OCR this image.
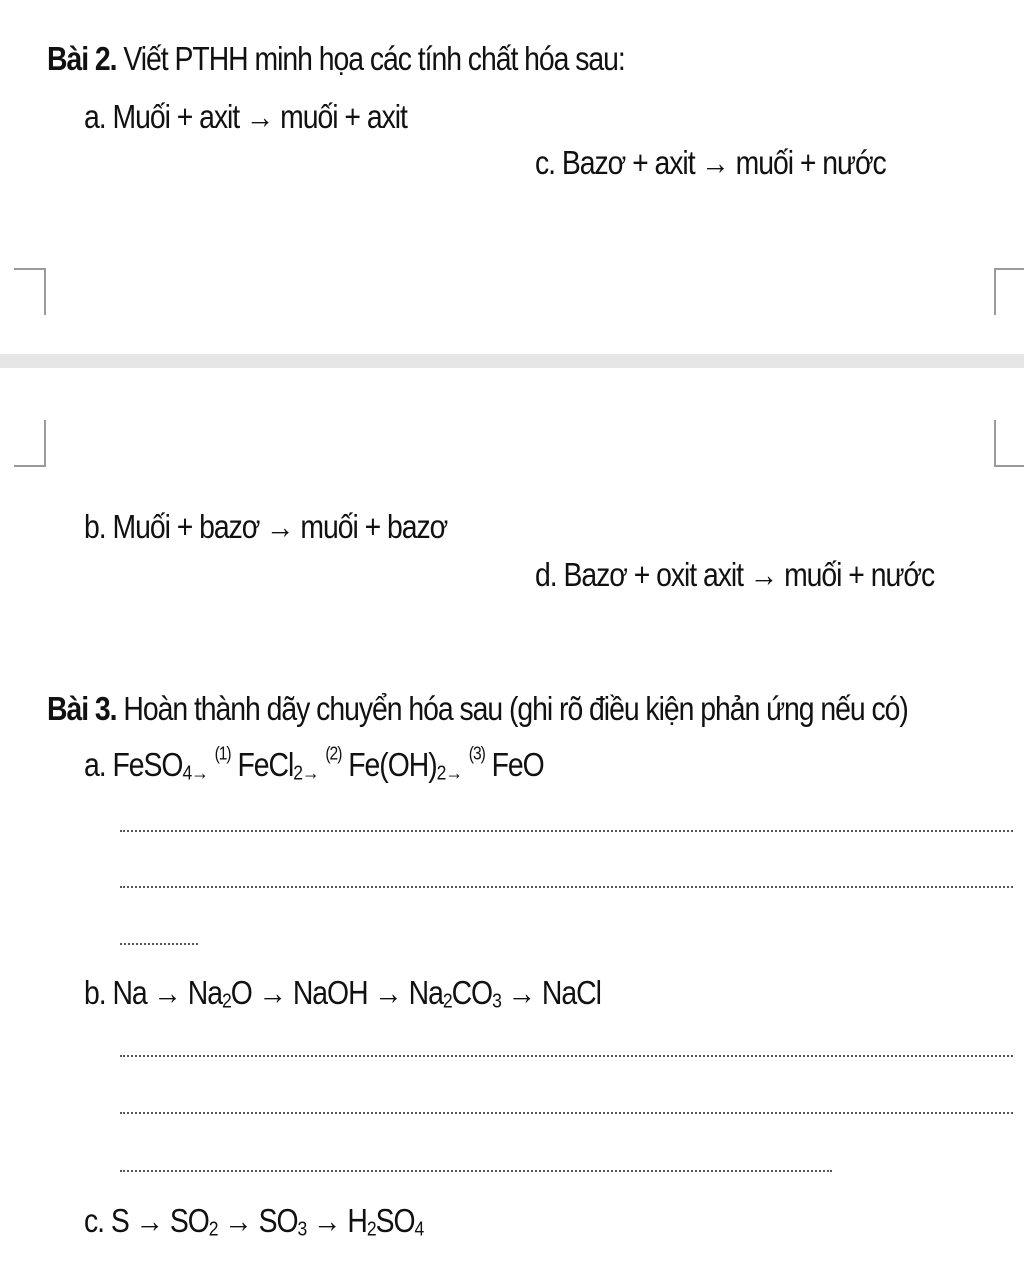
Bài 2. Viết PTHH minh họa các tính chất hóa sau:
a. Muối + axit → muối + axit
c. Bazơ + axit → muối + nước
b. Muối + bazơ → muối + bazơ
d. Bazơ + oxit axit → muối + nước
Bài 3. Hoàn thành dãy chuyển hóa sau (ghi rõ điều kiện phản ứng nếu có)
a. FeSO$_{4\to}$ $^{(1)}$ FeCl$_{2\to}$ $^{(2)}$ $Fe(OH)_{2\to}$ $^{(3)}$ FeO
b. $Na \to Na_2O$ → NaOH → $Na_2CO_3$ → NaCl
c. $S \to SO_2 \to SO_3 \to H_2SO_4$
